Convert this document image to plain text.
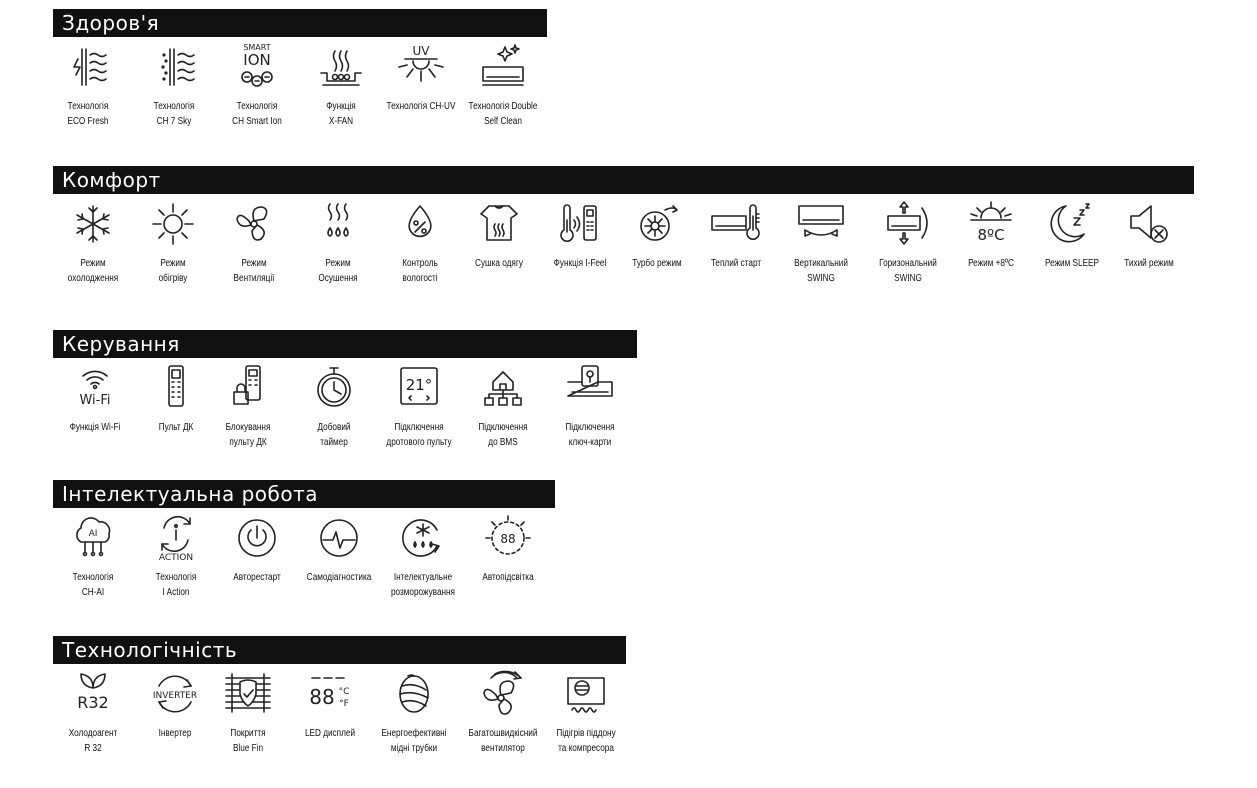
Здоров'я
Технологія
ECO Fresh
Технологія
CH 7 Sky
SMART
ION
Технологія
CH Smart Ion
Функція
X-FAN
UV
Технологія CH-UV	Технологія Double
Self Clean
Комфорт
Режим
охолодження
Режим
обігріву
Режим
Вентиляції
Режим
Осушення
Контроль
вологості
Сушка одягу	Функція I-Feel	Турбо режим	Теплий старт	Вертикальний
SWING
Горизональний
SWING
8ºC
Режим +8ºC	Режим SLEEP	Тихий режим
Керування
Wi-Fi
Функція Wi-Fi	Пульт ДК	Блокування
пульту ДК
Добовий
таймер
21°
Підключення
дротового пульту
Підключення
до BMS
Підключення
ключ-карти
Інтелектуальна робота
AI
Технологія
CH-AI
ACTION
Технологія
I Action
Авторестарт	Самодіагностика	Інтелектуальне
розморожування
88
Автопідсвітка
Технологічність
R32
Холодоагент
R 32
INVERTER
Інвертер	Покриття
Blue Fin
88 °C
°F
LED дисплей	Енергоефективні
мідні трубки
Багатошвидкісний
вентилятор
Підігрів піддону
та компресора
